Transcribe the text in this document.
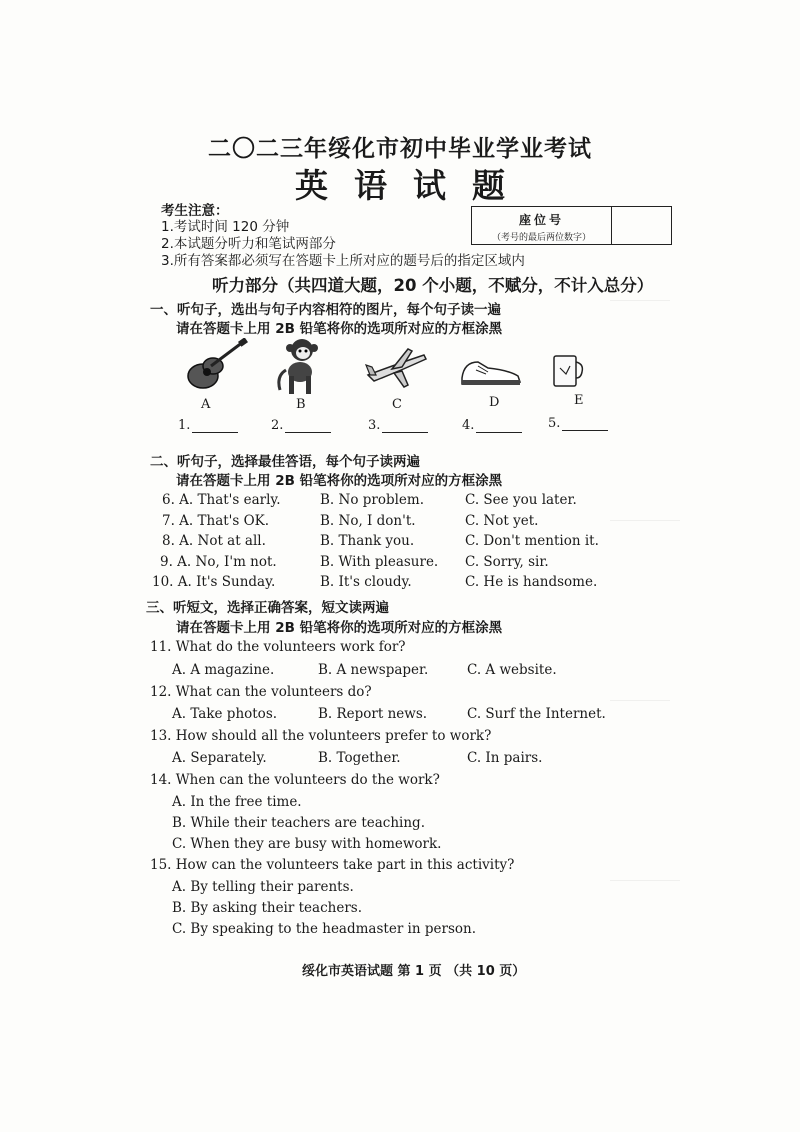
二〇二三年绥化市初中毕业学业考试
英语试题
考生注意：
1.考试时间 120 分钟
2.本试题分听力和笔试两部分
3.所有答案都必须写在答题卡上所对应的题号后的指定区域内
座位号
（考号的最后两位数字）
听力部分（共四道大题，20 个小题，不赋分，不计入总分）
一、听句子，选出与句子内容相符的图片，每个句子读一遍
请在答题卡上用 2B 铅笔将你的选项所对应的方框涂黑
A	B	C	D	E
1.	2.	3.	4.	5.
二、听句子，选择最佳答语，每个句子读两遍
请在答题卡上用 2B 铅笔将你的选项所对应的方框涂黑
6. A. That's early.	B. No problem.	C. See you later.
7. A. That's OK.	B. No, I don't.	C. Not yet.
8. A. Not at all.	B. Thank you.	C. Don't mention it.
9. A. No, I'm not.	B. With pleasure. C. Sorry, sir.
10. A. It's Sunday.	B. It's cloudy.	C. He is handsome.
三、听短文，选择正确答案，短文读两遍
请在答题卡上用 2B 铅笔将你的选项所对应的方框涂黑
11. What do the volunteers work for?
A. A magazine.	B. A newspaper.	C. A website.
12. What can the volunteers do?
A. Take photos.	B. Report news.	C. Surf the Internet.
13. How should all the volunteers prefer to work?
A. Separately.	B. Together.	C. In pairs.
14. When can the volunteers do the work?
A. In the free time.
B. While their teachers are teaching.
C. When they are busy with homework.
15. How can the volunteers take part in this activity?
A. By telling their parents.
B. By asking their teachers.
C. By speaking to the headmaster in person.
绥化市英语试题 第 1 页 （共 10 页）
